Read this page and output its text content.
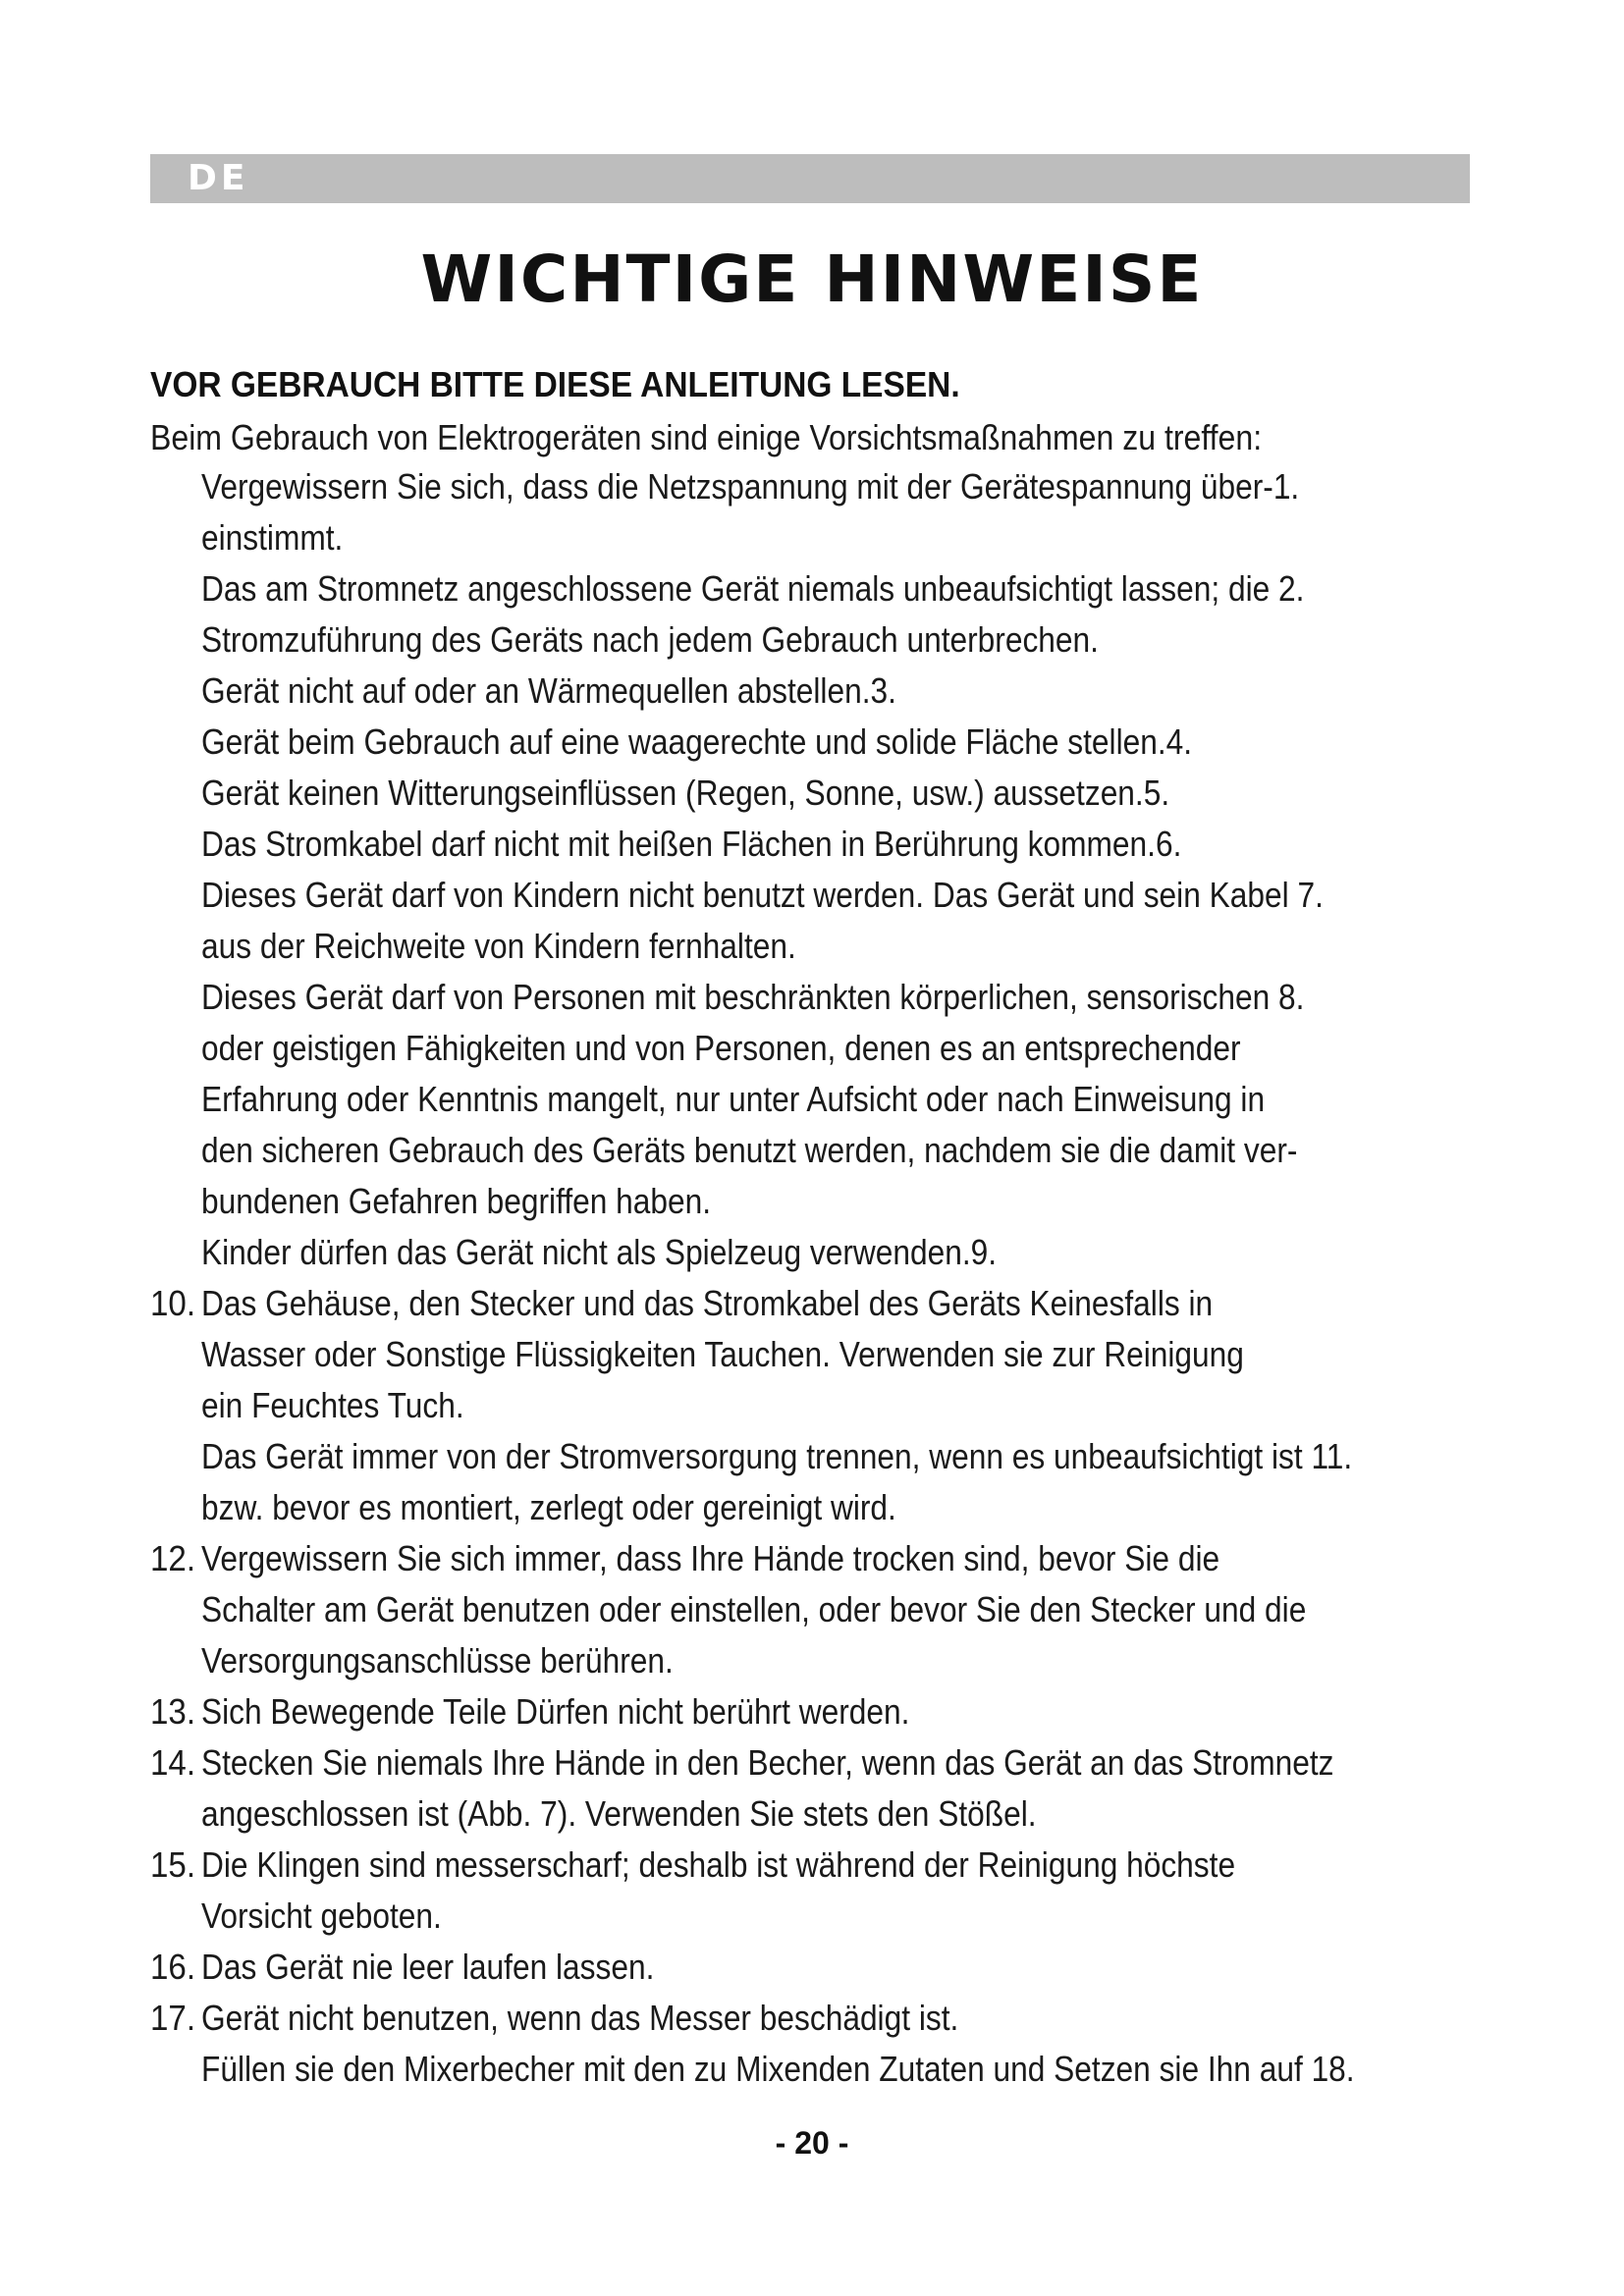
DE
WICHTIGE HINWEISE
VOR GEBRAUCH BITTE DIESE ANLEITUNG LESEN.
Beim Gebrauch von Elektrogeräten sind einige Vorsichtsmaßnahmen zu treffen:
Vergewissern Sie sich, dass die Netzspannung mit der Gerätespannung über-1.
einstimmt.
Das am Stromnetz angeschlossene Gerät niemals unbeaufsichtigt lassen; die 2.
Stromzuführung des Geräts nach jedem Gebrauch unterbrechen.
Gerät nicht auf oder an Wärmequellen abstellen.3.
Gerät beim Gebrauch auf eine waagerechte und solide Fläche stellen.4.
Gerät keinen Witterungseinflüssen (Regen, Sonne, usw.) aussetzen.5.
Das Stromkabel darf nicht mit heißen Flächen in Berührung kommen.6.
Dieses Gerät darf von Kindern nicht benutzt werden. Das Gerät und sein Kabel 7.
aus der Reichweite von Kindern fernhalten.
Dieses Gerät darf von Personen mit beschränkten körperlichen, sensorischen 8.
oder geistigen Fähigkeiten und von Personen, denen es an entsprechender
Erfahrung oder Kenntnis mangelt, nur unter Aufsicht oder nach Einweisung in
den sicheren Gebrauch des Geräts benutzt werden, nachdem sie die damit ver-
bundenen Gefahren begriffen haben.
Kinder dürfen das Gerät nicht als Spielzeug verwenden.9.
10. Das Gehäuse, den Stecker und das Stromkabel des Geräts Keinesfalls in
Wasser oder Sonstige Flüssigkeiten Tauchen. Verwenden sie zur Reinigung
ein Feuchtes Tuch.
Das Gerät immer von der Stromversorgung trennen, wenn es unbeaufsichtigt ist 11.
bzw. bevor es montiert, zerlegt oder gereinigt wird.
12. Vergewissern Sie sich immer, dass Ihre Hände trocken sind, bevor Sie die
Schalter am Gerät benutzen oder einstellen, oder bevor Sie den Stecker und die
Versorgungsanschlüsse berühren.
13. Sich Bewegende Teile Dürfen nicht berührt werden.
14. Stecken Sie niemals Ihre Hände in den Becher, wenn das Gerät an das Stromnetz
angeschlossen ist (Abb. 7). Verwenden Sie stets den Stößel.
15. Die Klingen sind messerscharf; deshalb ist während der Reinigung höchste
Vorsicht geboten.
16. Das Gerät nie leer laufen lassen.
17. Gerät nicht benutzen, wenn das Messer beschädigt ist.
Füllen sie den Mixerbecher mit den zu Mixenden Zutaten und Setzen sie Ihn auf 18.
- 20 -
